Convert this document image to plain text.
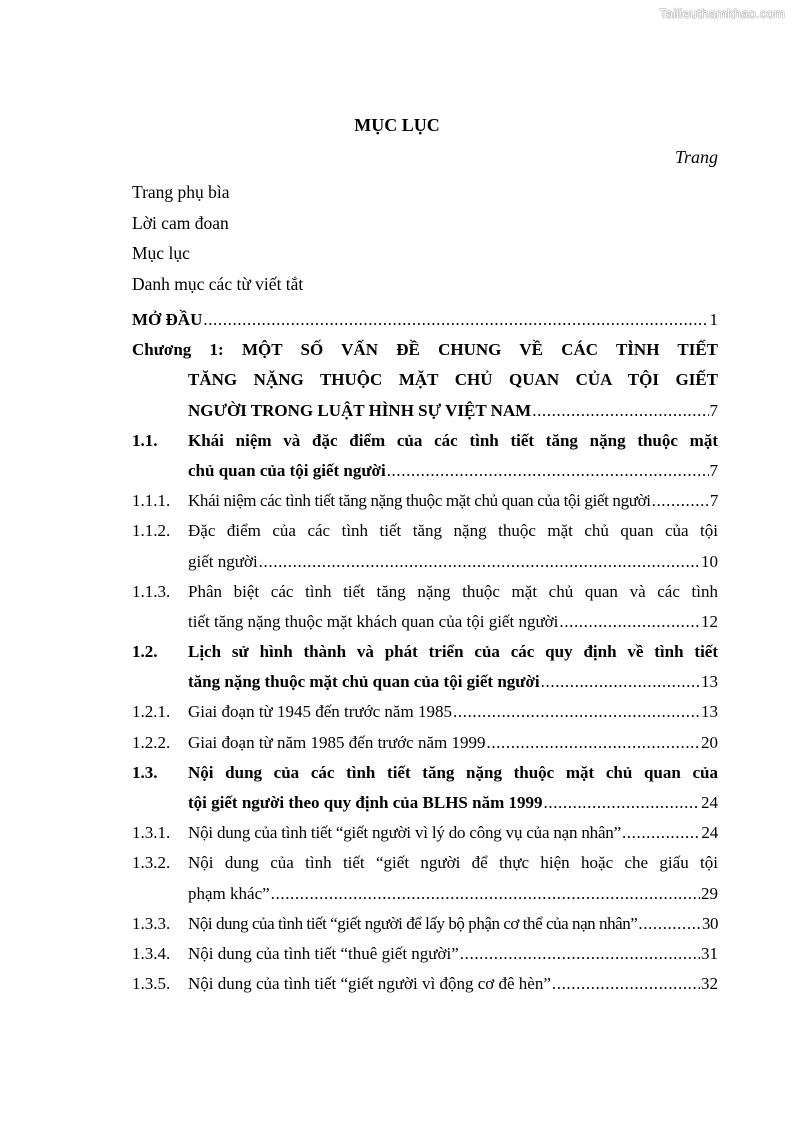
Tailieuthamkhao.com
MỤC LỤC
Trang
Trang phụ bìa
Lời cam đoan
Mục lục
Danh mục các từ viết tắt
MỞ ĐẦU .....	1
Chương 1: MỘT SỐ VẤN ĐỀ CHUNG VỀ CÁC TÌNH TIẾT
TĂNG NẶNG THUỘC MẶT CHỦ QUAN CỦA TỘI GIẾT
NGƯỜI TRONG LUẬT HÌNH SỰ VIỆT NAM .....	7
1.1.	Khái niệm và đặc điểm của các tình tiết tăng nặng thuộc mặt
chủ quan của tội giết người .....	7
1.1.1.	Khái niệm các tình tiết tăng nặng thuộc mặt chủ quan của tội giết người .....	7
1.1.2.	Đặc điểm của các tình tiết tăng nặng thuộc mặt chủ quan của tội
giết người .....	10
1.1.3.	Phân biệt các tình tiết tăng nặng thuộc mặt chủ quan và các tình
tiết tăng nặng thuộc mặt khách quan của tội giết người .....	12
1.2.	Lịch sử hình thành và phát triển của các quy định về tình tiết
tăng nặng thuộc mặt chủ quan của tội giết người .....	13
1.2.1.	Giai đoạn từ 1945 đến trước năm 1985 .....	13
1.2.2.	Giai đoạn từ năm 1985 đến trước năm 1999 .....	20
1.3.	Nội dung của các tình tiết tăng nặng thuộc mặt chủ quan của
tội giết người theo quy định của BLHS năm 1999 .....	24
1.3.1.	Nội dung của tình tiết “giết người vì lý do công vụ của nạn nhân” .....	24
1.3.2.	Nội dung của tình tiết “giết người để thực hiện hoặc che giấu tội
phạm khác” .....	29
1.3.3.	Nội dung của tình tiết “giết người để lấy bộ phận cơ thể của nạn nhân” .....	30
1.3.4.	Nội dung của tình tiết “thuê giết người” .....	31
1.3.5.	Nội dung của tình tiết “giết người vì động cơ đê hèn” .....	32
